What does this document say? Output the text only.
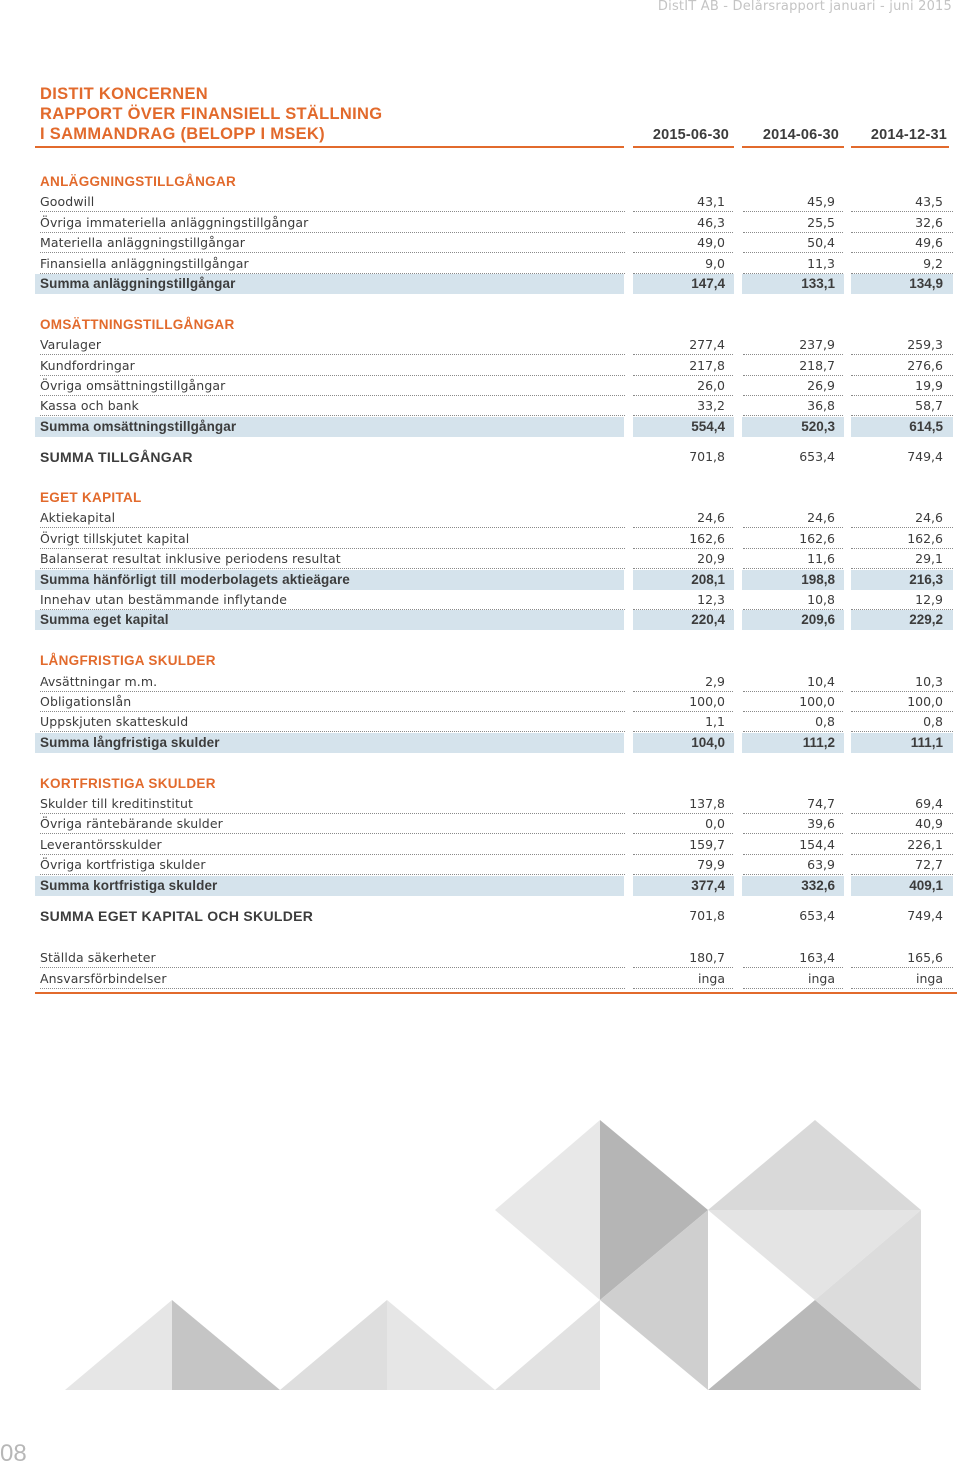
DistIT AB - Delårsrapport januari - juni 2015
DISTIT KONCERNEN
RAPPORT ÖVER FINANSIELL STÄLLNING
I SAMMANDRAG (BELOPP I MSEK)	2015-06-30	2014-06-30	2014-12-31
ANLÄGGNINGSTILLGÅNGAR
Goodwill	43,1	45,9	43,5
Övriga immateriella anläggningstillgångar	46,3	25,5	32,6
Materiella anläggningstillgångar	49,0	50,4	49,6
Finansiella anläggningstillgångar	9,0	11,3	9,2
Summa anläggningstillgångar	147,4	133,1	134,9
OMSÄTTNINGSTILLGÅNGAR
Varulager	277,4	237,9	259,3
Kundfordringar	217,8	218,7	276,6
Övriga omsättningstillgångar	26,0	26,9	19,9
Kassa och bank	33,2	36,8	58,7
Summa omsättningstillgångar	554,4	520,3	614,5
SUMMA TILLGÅNGAR	701,8	653,4	749,4
EGET KAPITAL
Aktiekapital	24,6	24,6	24,6
Övrigt tillskjutet kapital	162,6	162,6	162,6
Balanserat resultat inklusive periodens resultat	20,9	11,6	29,1
Summa hänförligt till moderbolagets aktieägare	208,1	198,8	216,3
Innehav utan bestämmande inflytande	12,3	10,8	12,9
Summa eget kapital	220,4	209,6	229,2
LÅNGFRISTIGA SKULDER
Avsättningar m.m.	2,9	10,4	10,3
Obligationslån	100,0	100,0	100,0
Uppskjuten skatteskuld	1,1	0,8	0,8
Summa långfristiga skulder	104,0	111,2	111,1
KORTFRISTIGA SKULDER
Skulder till kreditinstitut	137,8	74,7	69,4
Övriga räntebärande skulder	0,0	39,6	40,9
Leverantörsskulder	159,7	154,4	226,1
Övriga kortfristiga skulder	79,9	63,9	72,7
Summa kortfristiga skulder	377,4	332,6	409,1
SUMMA EGET KAPITAL OCH SKULDER	701,8	653,4	749,4
Ställda säkerheter	180,7	163,4	165,6
Ansvarsförbindelser	inga	inga	inga
08
